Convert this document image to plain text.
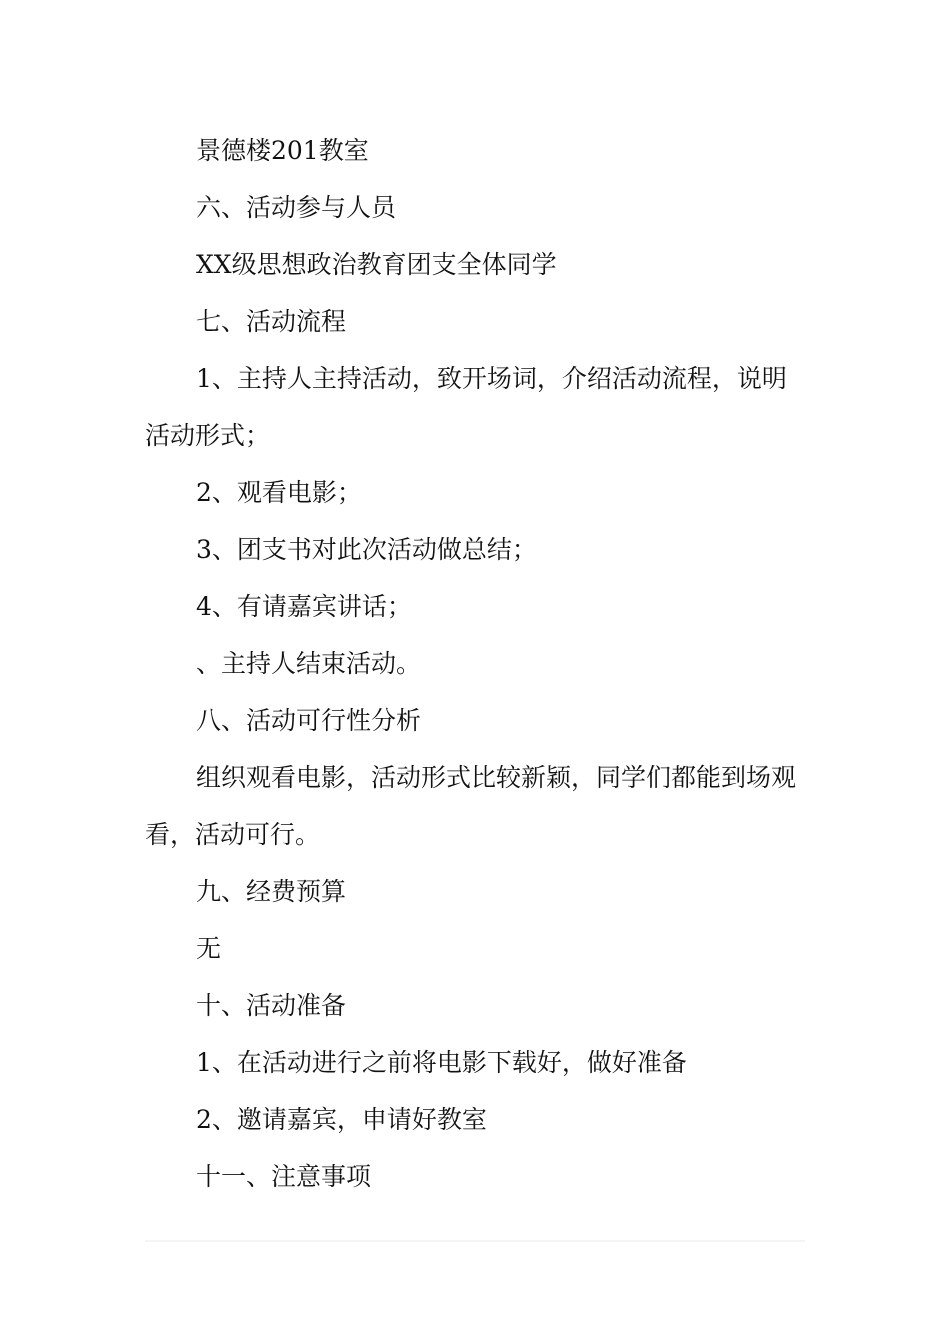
景德楼201教室

六、活动参与人员

XX级思想政治教育团支全体同学

七、活动流程

1、主持人主持活动，致开场词，介绍活动流程，说明活动形式；

2、观看电影；

3、团支书对此次活动做总结；

4、有请嘉宾讲话；

、主持人结束活动。

八、活动可行性分析

组织观看电影，活动形式比较新颖，同学们都能到场观看，活动可行。

九、经费预算

无

十、活动准备

1、在活动进行之前将电影下载好，做好准备

2、邀请嘉宾，申请好教室

十一、注意事项
